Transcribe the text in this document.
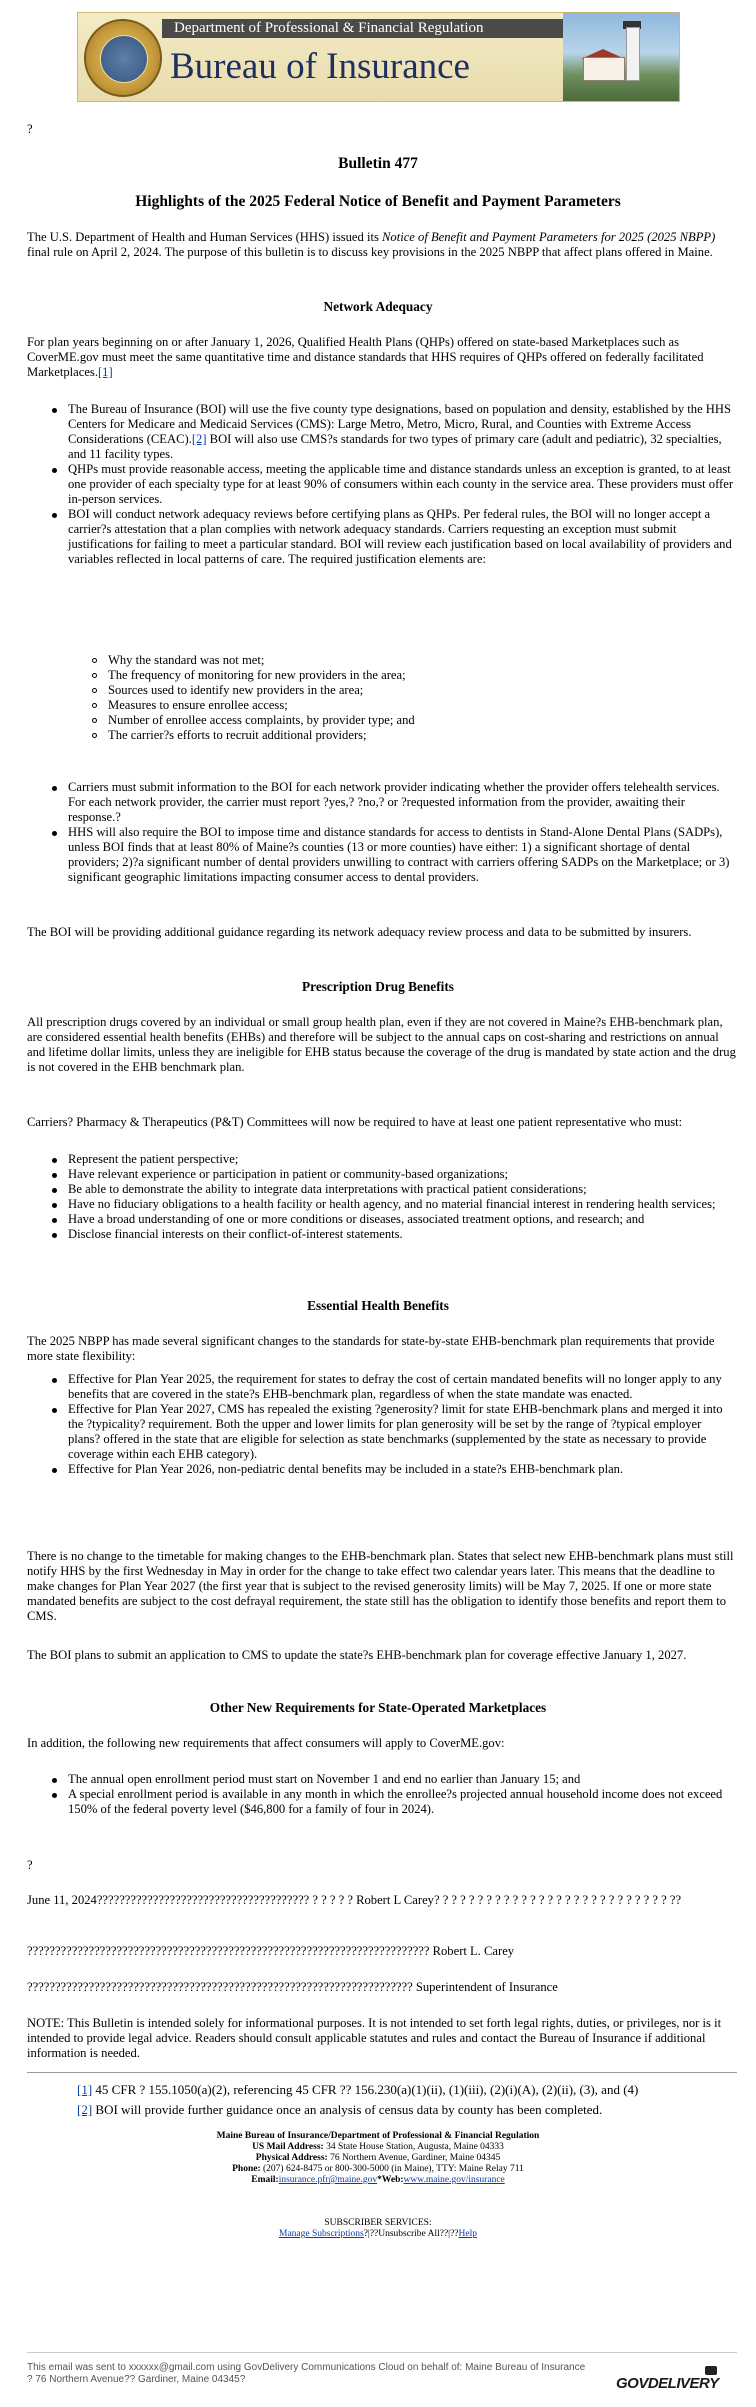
Department of Professional & Financial Regulation
Bureau of Insurance
?
Bulletin 477
Highlights of the 2025 Federal Notice of Benefit and Payment Parameters

The U.S. Department of Health and Human Services (HHS) issued its Notice of Benefit and Payment Parameters for 2025 (2025 NBPP) final rule on April 2, 2024. The purpose of this bulletin is to discuss key provisions in the 2025 NBPP that affect plans offered in Maine.

Network Adequacy

For plan years beginning on or after January 1, 2026, Qualified Health Plans (QHPs) offered on state-based Marketplaces such as CoverME.gov must meet the same quantitative time and distance standards that HHS requires of QHPs offered on federally facilitated Marketplaces.[1]

The Bureau of Insurance (BOI) will use the five county type designations, based on population and density, established by the HHS Centers for Medicare and Medicaid Services (CMS): Large Metro, Metro, Micro, Rural, and Counties with Extreme Access Considerations (CEAC).[2] BOI will also use CMS?s standards for two types of primary care (adult and pediatric), 32 specialties, and 11 facility types.
QHPs must provide reasonable access, meeting the applicable time and distance standards unless an exception is granted, to at least one provider of each specialty type for at least 90% of consumers within each county in the service area. These providers must offer in-person services.
BOI will conduct network adequacy reviews before certifying plans as QHPs. Per federal rules, the BOI will no longer accept a carrier?s attestation that a plan complies with network adequacy standards. Carriers requesting an exception must submit justifications for failing to meet a particular standard. BOI will review each justification based on local availability of providers and variables reflected in local patterns of care. The required justification elements are:
Why the standard was not met;
The frequency of monitoring for new providers in the area;
Sources used to identify new providers in the area;
Measures to ensure enrollee access;
Number of enrollee access complaints, by provider type; and
The carrier?s efforts to recruit additional providers;
Carriers must submit information to the BOI for each network provider indicating whether the provider offers telehealth services. For each network provider, the carrier must report ?yes,? ?no,? or ?requested information from the provider, awaiting their response.?
HHS will also require the BOI to impose time and distance standards for access to dentists in Stand-Alone Dental Plans (SADPs), unless BOI finds that at least 80% of Maine?s counties (13 or more counties) have either: 1) a significant shortage of dental providers; 2)?a significant number of dental providers unwilling to contract with carriers offering SADPs on the Marketplace; or 3) significant geographic limitations impacting consumer access to dental providers.

The BOI will be providing additional guidance regarding its network adequacy review process and data to be submitted by insurers.

Prescription Drug Benefits

All prescription drugs covered by an individual or small group health plan, even if they are not covered in Maine?s EHB-benchmark plan, are considered essential health benefits (EHBs) and therefore will be subject to the annual caps on cost-sharing and restrictions on annual and lifetime dollar limits, unless they are ineligible for EHB status because the coverage of the drug is mandated by state action and the drug is not covered in the EHB benchmark plan.

Carriers? Pharmacy & Therapeutics (P&T) Committees will now be required to have at least one patient representative who must:

Represent the patient perspective;
Have relevant experience or participation in patient or community-based organizations;
Be able to demonstrate the ability to integrate data interpretations with practical patient considerations;
Have no fiduciary obligations to a health facility or health agency, and no material financial interest in rendering health services;
Have a broad understanding of one or more conditions or diseases, associated treatment options, and research; and
Disclose financial interests on their conflict-of-interest statements.
Essential Health Benefits

The 2025 NBPP has made several significant changes to the standards for state-by-state EHB-benchmark plan requirements that provide more state flexibility:

Effective for Plan Year 2025, the requirement for states to defray the cost of certain mandated benefits will no longer apply to any benefits that are covered in the state?s EHB-benchmark plan, regardless of when the state mandate was enacted.
Effective for Plan Year 2027, CMS has repealed the existing ?generosity? limit for state EHB-benchmark plans and merged it into the ?typicality? requirement. Both the upper and lower limits for plan generosity will be set by the range of ?typical employer plans? offered in the state that are eligible for selection as state benchmarks (supplemented by the state as necessary to provide coverage within each EHB category).
Effective for Plan Year 2026, non-pediatric dental benefits may be included in a state?s EHB-benchmark plan.

There is no change to the timetable for making changes to the EHB-benchmark plan. States that select new EHB-benchmark plans must still notify HHS by the first Wednesday in May in order for the change to take effect two calendar years later. This means that the deadline to make changes for Plan Year 2027 (the first year that is subject to the revised generosity limits) will be May 7, 2025. If one or more state mandated benefits are subject to the cost defrayal requirement, the state still has the obligation to identify those benefits and report them to CMS.

The BOI plans to submit an application to CMS to update the state?s EHB-benchmark plan for coverage effective January 1, 2027.

Other New Requirements for State-Operated Marketplaces

In addition, the following new requirements that affect consumers will apply to CoverME.gov:

The annual open enrollment period must start on November 1 and end no earlier than January 15; and
A special enrollment period is available in any month in which the enrollee?s projected annual household income does not exceed 150% of the federal poverty level ($46,800 for a family of four in 2024).
?

June 11, 2024?????????????????????????????????????? ? ? ? ? ? Robert L Carey? ? ? ? ? ? ? ? ? ? ? ? ? ? ? ? ? ? ? ? ? ? ? ? ? ? ? ??

???????????????????????????????????????????????????????????????????????? Robert L. Carey

????????????????????????????????????????????????????????????????????? Superintendent of Insurance

NOTE: This Bulletin is intended solely for informational purposes. It is not intended to set forth legal rights, duties, or privileges, nor is it intended to provide legal advice. Readers should consult applicable statutes and rules and contact the Bureau of Insurance if additional information is needed.

[1] 45 CFR ? 155.1050(a)(2), referencing 45 CFR ?? 156.230(a)(1)(ii), (1)(iii), (2)(i)(A), (2)(ii), (3), and (4)
[2] BOI will provide further guidance once an analysis of census data by county has been completed.
Maine Bureau of Insurance/Department of Professional & Financial Regulation
US Mail Address: 34 State House Station, Augusta, Maine 04333
Physical Address: 76 Northern Avenue, Gardiner, Maine 04345
Phone: (207) 624-8475 or 800-300-5000 (in Maine), TTY: Maine Relay 711
Email:insurance.pfr@maine.gov*Web:www.maine.gov/insurance
SUBSCRIBER SERVICES:
Manage Subscriptions?|??Unsubscribe All??|??Help

This email was sent to xxxxxx@gmail.com using GovDelivery Communications Cloud on behalf of: Maine Bureau of Insurance ? 76 Northern Avenue?? Gardiner, Maine 04345?	GOVDELIVERY
